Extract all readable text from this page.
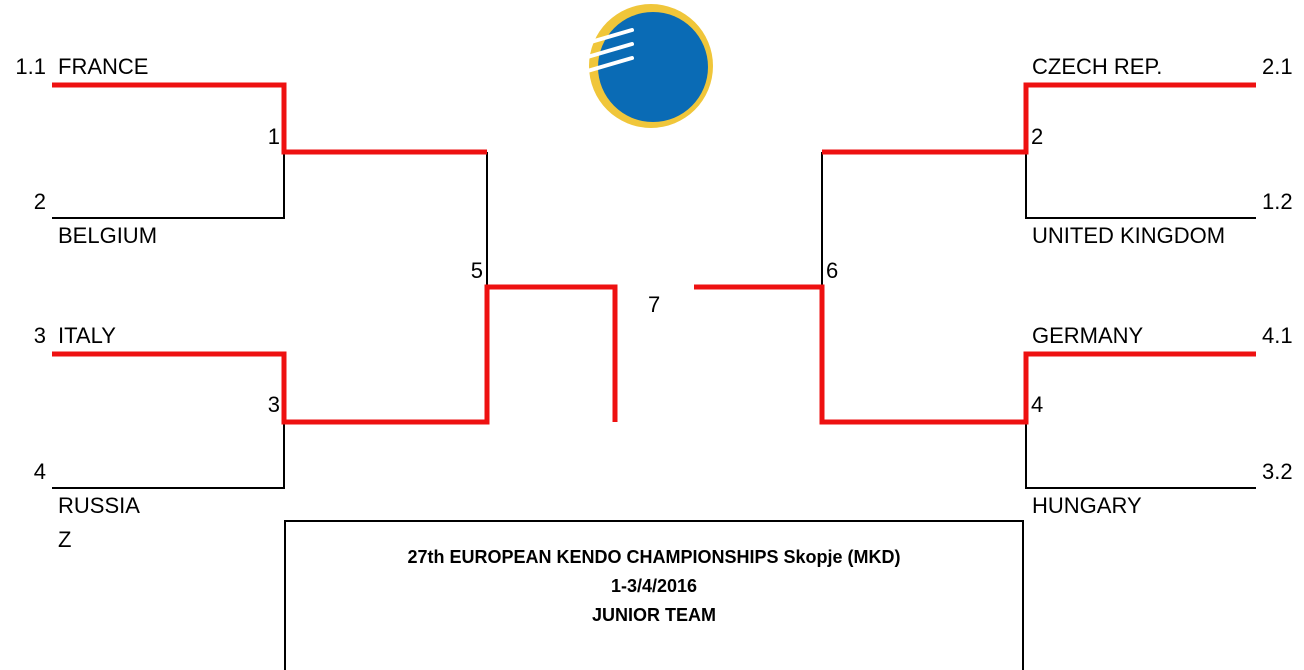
1.1 FRANCE
2
BELGIUM
3 ITALY
4
RUSSIA
Z
CZECH REP.	2.1
1.2
UNITED KINGDOM
GERMANY	4.1
3.2
HUNGARY
1
3
5
2
4
6
7
27th EUROPEAN KENDO CHAMPIONSHIPS Skopje (MKD)
1-3/4/2016
JUNIOR TEAM
